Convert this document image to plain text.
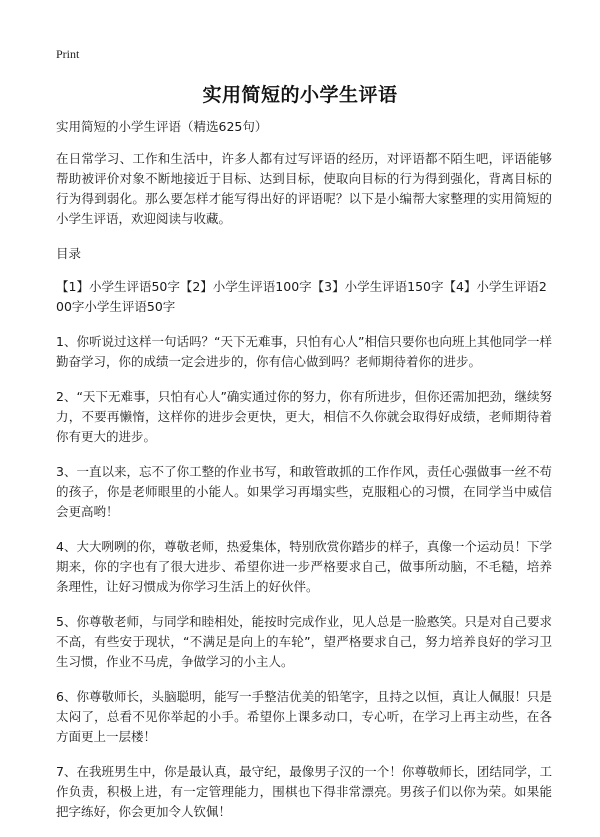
Print
实用简短的小学生评语

实用简短的小学生评语（精选625句）

在日常学习、工作和生活中，许多人都有过写评语的经历，对评语都不陌生吧，评语能够帮助被评价对象不断地接近于目标、达到目标，使取向目标的行为得到强化，背离目标的行为得到弱化。那么要怎样才能写得出好的评语呢？以下是小编帮大家整理的实用简短的小学生评语，欢迎阅读与收藏。

目录

【1】小学生评语50字【2】小学生评语100字【3】小学生评语150字【4】小学生评语200字小学生评语50字

1、你听说过这样一句话吗？“天下无难事，只怕有心人”相信只要你也向班上其他同学一样勤奋学习，你的成绩一定会进步的，你有信心做到吗？老师期待着你的进步。

2、“天下无难事，只怕有心人”确实通过你的努力，你有所进步，但你还需加把劲，继续努力，不要再懒惰，这样你的进步会更快，更大，相信不久你就会取得好成绩，老师期待着你有更大的进步。

3、一直以来，忘不了你工整的作业书写，和敢管敢抓的工作作风，责任心强做事一丝不苟的孩子，你是老师眼里的小能人。如果学习再塌实些，克服粗心的习惯，在同学当中威信会更高哟！

4、大大咧咧的你，尊敬老师，热爱集体，特别欣赏你踏步的样子，真像一个运动员！下学期来，你的字也有了很大进步、希望你进一步严格要求自己，做事所动脑，不毛糙，培养条理性，让好习惯成为你学习生活上的好伙伴。

5、你尊敬老师，与同学和睦相处，能按时完成作业，见人总是一脸憨笑。只是对自己要求不高，有些安于现状，“不满足是向上的车轮”，望严格要求自己，努力培养良好的学习卫生习惯，作业不马虎，争做学习的小主人。

6、你尊敬师长，头脑聪明，能写一手整洁优美的铅笔字，且持之以恒，真让人佩服！只是太闷了，总看不见你举起的小手。希望你上课多动口，专心听，在学习上再主动些，在各方面更上一层楼！

7、在我班男生中，你是最认真，最守纪，最像男子汉的一个！你尊敬师长，团结同学，工作负责，积极上进，有一定管理能力，围棋也下得非常漂亮。男孩子们以你为荣。如果能把字练好，你会更加令人钦佩！
